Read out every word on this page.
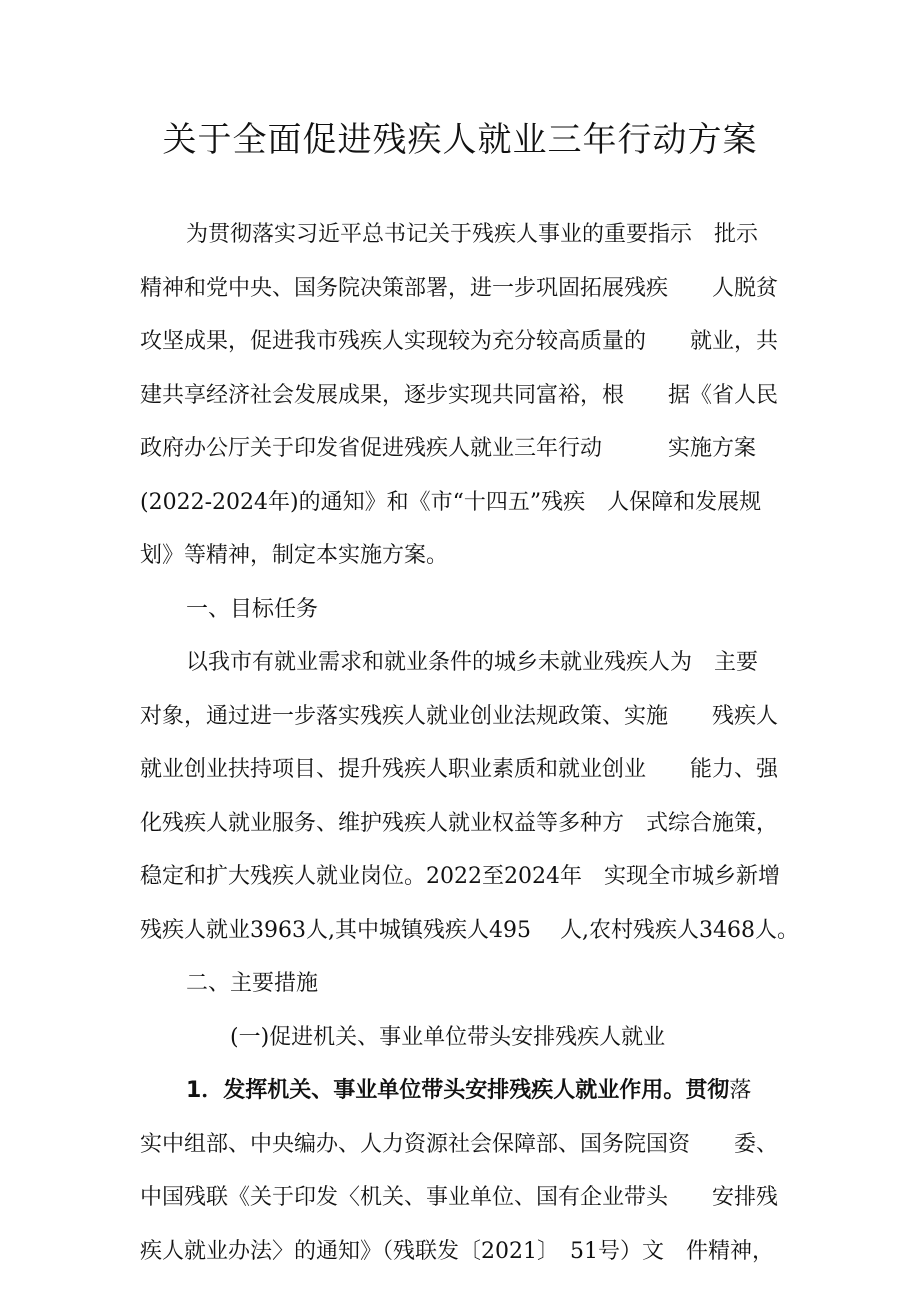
关于全面促进残疾人就业三年行动方案
为贯彻落实习近平总书记关于残疾人事业的重要指示　批示
精神和党中央、国务院决策部署，进一步巩固拓展残疾　　人脱贫
攻坚成果，促进我市残疾人实现较为充分较高质量的　　就业，共
建共享经济社会发展成果，逐步实现共同富裕，根　　据《省人民
政府办公厅关于印发省促进残疾人就业三年行动　　　实施方案
(2022-2024年)的通知》和《市“十四五”残疾　人保障和发展规
划》等精神，制定本实施方案。
一、目标任务
以我市有就业需求和就业条件的城乡未就业残疾人为　主要
对象，通过进一步落实残疾人就业创业法规政策、实施　　残疾人
就业创业扶持项目、提升残疾人职业素质和就业创业　　能力、强
化残疾人就业服务、维护残疾人就业权益等多种方　式综合施策，
稳定和扩大残疾人就业岗位。2022至2024年　实现全市城乡新增
残疾人就业3963人,其中城镇残疾人495　 人,农村残疾人3468人。
二、主要措施
(一)促进机关、事业单位带头安排残疾人就业
1．发挥机关、事业单位带头安排残疾人就业作用。贯彻落
实中组部、中央编办、人力资源社会保障部、国务院国资　　委、
中国残联《关于印发〈机关、事业单位、国有企业带头　　安排残
疾人就业办法〉的通知》（残联发〔2021〕　51号）文　件精神，
